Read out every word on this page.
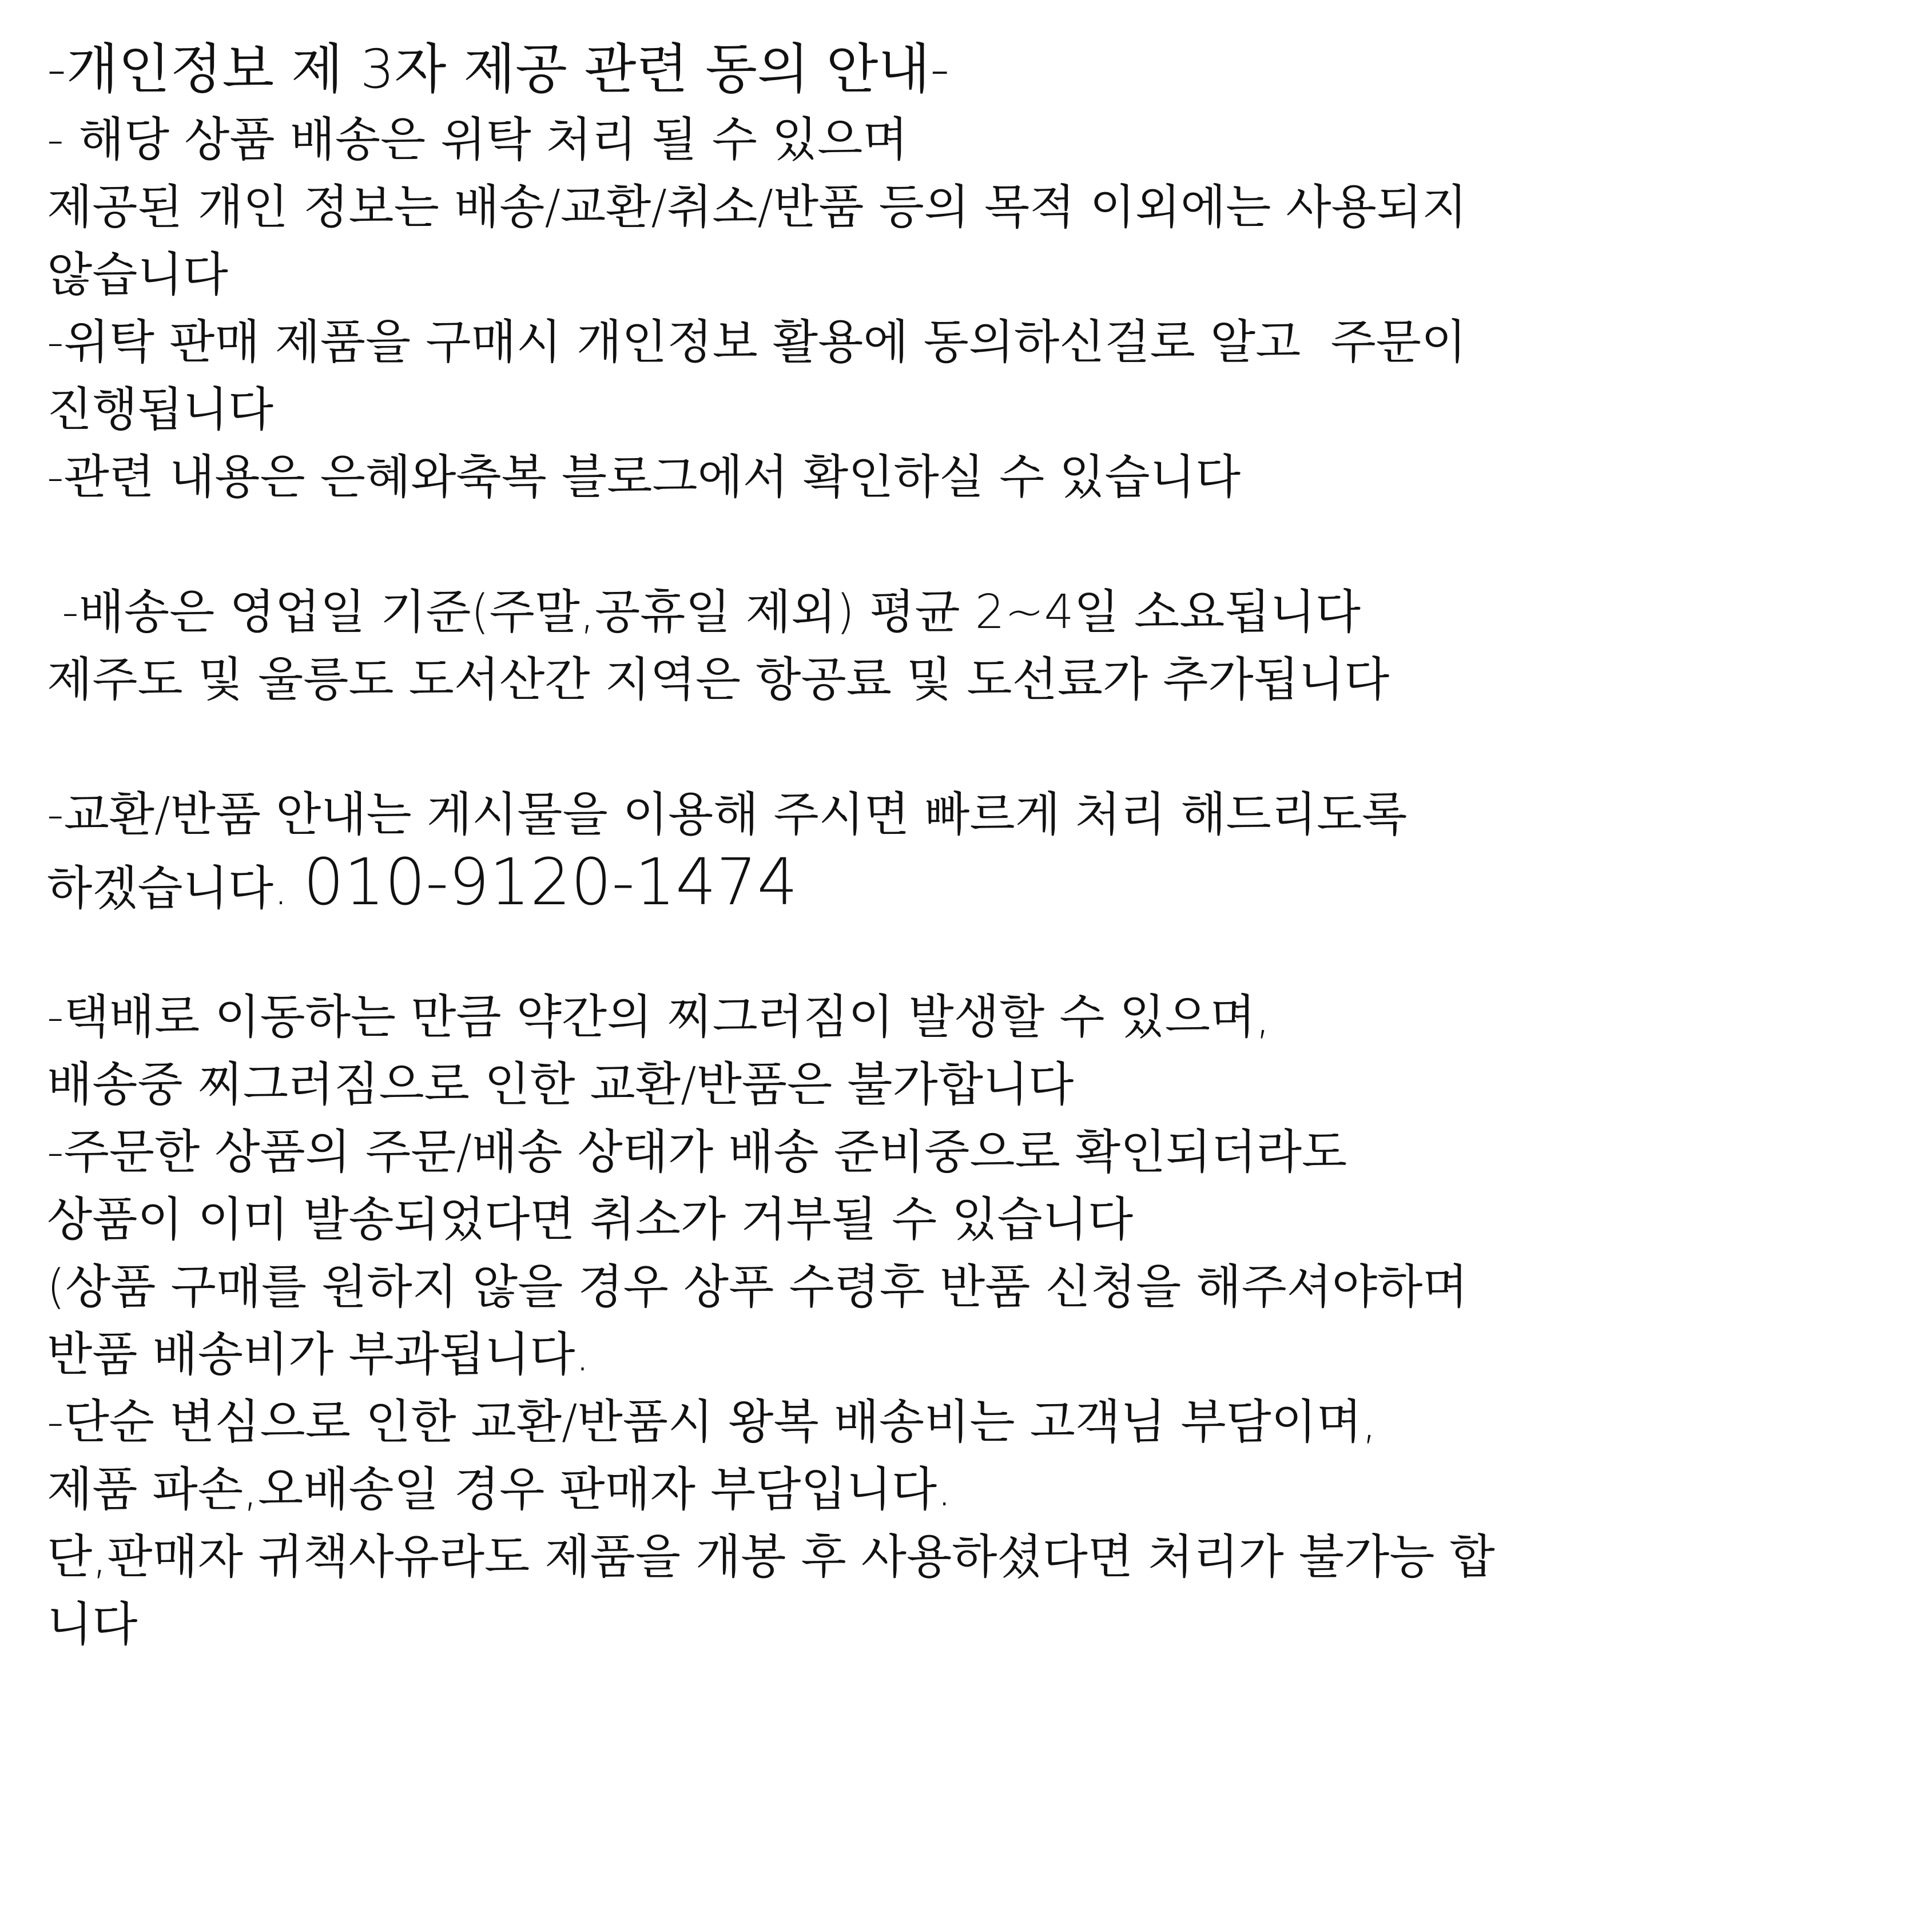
-개인정보 제 3자 제공 관련 동의 안내-
- 해당 상품 배송은 위탁 처리 될 수 있으며
제공된 개인 정보는 배송/교환/취소/반품 등의 목적 이외에는 사용되지
않습니다
-위탁 판매 제품을 구매시 개인정보 활용에 동의하신걸로 알고  주문이
진행됩니다
-관련 내용은 은혜와축복 블로그에서 확인하실 수 있습니다
-배송은 영업일 기준(주말,공휴일 제외) 평균 2~4일 소요됩니다
제주도 및 울릉도 도서산간 지역은 항공료 및 도선료가 추가됩니다
-교환/반품 안내는 게시물을 이용해 주시면 빠르게 처리 해드리도록
하겠습니다. 010-9120-1474
-택배로 이동하는 만큼 약간의 찌그러짐이 발생할 수 있으며,
배송중 찌그러짐으로 인한 교환/반품은 불가합니다
-주문한 상품의 주문/배송 상태가 배송 준비중으로 확인되더라도
상품이 이미 발송되었다면 취소가 거부될 수 있습니다
(상품 구매를 원하지 않을 경우 상푸 수령후 반품 신청을 해주셔야하며
반품 배송비가 부과됩니다.
-단순 변심으로 인한 교환/반품시 왕복 배송비는 고객님 부담이며,
제품 파손,오배송일 경우 판매자 부담입니다.
단,판매자 귀책사유라도 제품을 개봉 후 사용하셨다면 처리가 불가능 합
니다
